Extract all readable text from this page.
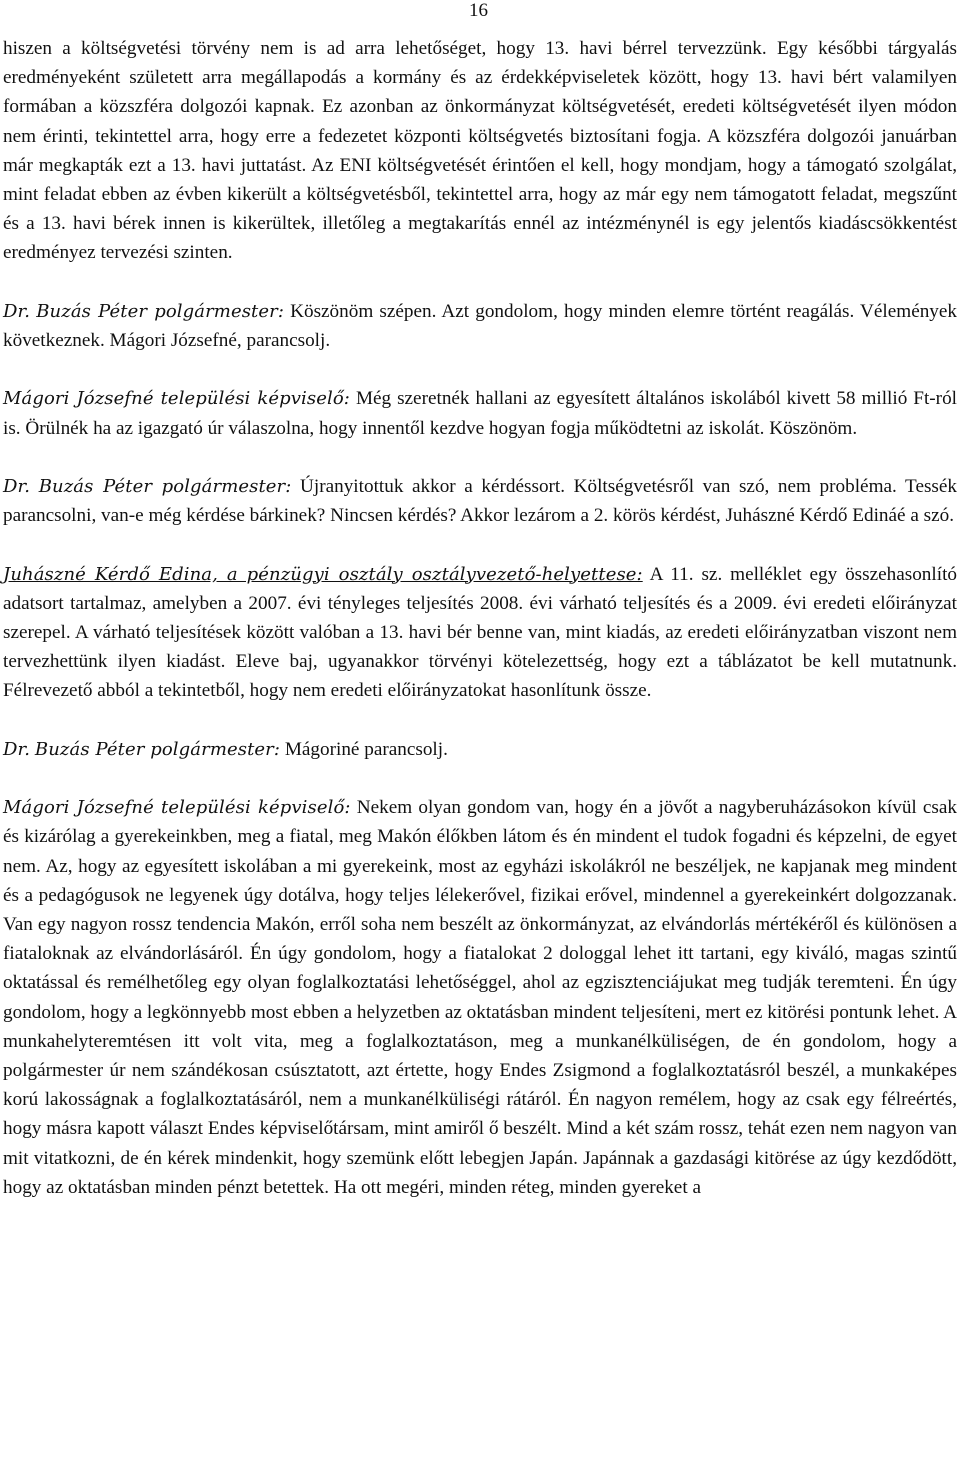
16

hiszen a költségvetési törvény nem is ad arra lehetőséget, hogy 13. havi bérrel tervezzünk. Egy későbbi tárgyalás eredményeként született arra megállapodás a kormány és az érdekképviseletek között, hogy 13. havi bért valamilyen formában a közszféra dolgozói kapnak. Ez azonban az önkormányzat költségvetését, eredeti költségvetését ilyen módon nem érinti, tekintettel arra, hogy erre a fedezetet központi költségvetés biztosítani fogja. A közszféra dolgozói januárban már megkapták ezt a 13. havi juttatást. Az ENI költségvetését érintően el kell, hogy mondjam, hogy a támogató szolgálat, mint feladat ebben az évben kikerült a költségvetésből, tekintettel arra, hogy az már egy nem támogatott feladat, megszűnt és a 13. havi bérek innen is kikerültek, illetőleg a megtakarítás ennél az intézménynél is egy jelentős kiadáscsökkentést eredményez tervezési szinten.

Dr. Buzás Péter polgármester: Köszönöm szépen. Azt gondolom, hogy minden elemre történt reagálás. Vélemények következnek. Mágori Józsefné, parancsolj.

Mágori Józsefné települési képviselő: Még szeretnék hallani az egyesített általános iskolából kivett 58 millió Ft-ról is. Örülnék ha az igazgató úr válaszolna, hogy innentől kezdve hogyan fogja működtetni az iskolát. Köszönöm.

Dr. Buzás Péter polgármester: Újranyitottuk akkor a kérdéssort. Költségvetésről van szó, nem probléma. Tessék parancsolni, van-e még kérdése bárkinek? Nincsen kérdés? Akkor lezárom a 2. körös kérdést, Juhászné Kérdő Edináé a szó.

Juhászné Kérdő Edina, a pénzügyi osztály osztályvezető-helyettese: A 11. sz. melléklet egy összehasonlító adatsort tartalmaz, amelyben a 2007. évi tényleges teljesítés 2008. évi várható teljesítés és a 2009. évi eredeti előirányzat szerepel. A várható teljesítések között valóban a 13. havi bér benne van, mint kiadás, az eredeti előirányzatban viszont nem tervezhettünk ilyen kiadást. Eleve baj, ugyanakkor törvényi kötelezettség, hogy ezt a táblázatot be kell mutatnunk. Félrevezető abból a tekintetből, hogy nem eredeti előirányzatokat hasonlítunk össze.

Dr. Buzás Péter polgármester: Mágoriné parancsolj.

Mágori Józsefné települési képviselő: Nekem olyan gondom van, hogy én a jövőt a nagyberuházásokon kívül csak és kizárólag a gyerekeinkben, meg a fiatal, meg Makón élőkben látom és én mindent el tudok fogadni és képzelni, de egyet nem. Az, hogy az egyesített iskolában a mi gyerekeink, most az egyházi iskolákról ne beszéljek, ne kapjanak meg mindent és a pedagógusok ne legyenek úgy dotálva, hogy teljes lélekerővel, fizikai erővel, mindennel a gyerekeinkért dolgozzanak. Van egy nagyon rossz tendencia Makón, erről soha nem beszélt az önkormányzat, az elvándorlás mértékéről és különösen a fiataloknak az elvándorlásáról. Én úgy gondolom, hogy a fiatalokat 2 dologgal lehet itt tartani, egy kiváló, magas szintű oktatással és remélhetőleg egy olyan foglalkoztatási lehetőséggel, ahol az egzisztenciájukat meg tudják teremteni. Én úgy gondolom, hogy a legkönnyebb most ebben a helyzetben az oktatásban mindent teljesíteni, mert ez kitörési pontunk lehet. A munkahelyteremtésen itt volt vita, meg a foglalkoztatáson, meg a munkanélküliségen, de én gondolom, hogy a polgármester úr nem szándékosan csúsztatott, azt értette, hogy Endes Zsigmond a foglalkoztatásról beszél, a munkaképes korú lakosságnak a foglalkoztatásáról, nem a munkanélküliségi rátáról. Én nagyon remélem, hogy az csak egy félreértés, hogy másra kapott választ Endes képviselőtársam, mint amiről ő beszélt. Mind a két szám rossz, tehát ezen nem nagyon van mit vitatkozni, de én kérek mindenkit, hogy szemünk előtt lebegjen Japán. Japánnak a gazdasági kitörése az úgy kezdődött, hogy az oktatásban minden pénzt betettek. Ha ott megéri, minden réteg, minden gyereket a
